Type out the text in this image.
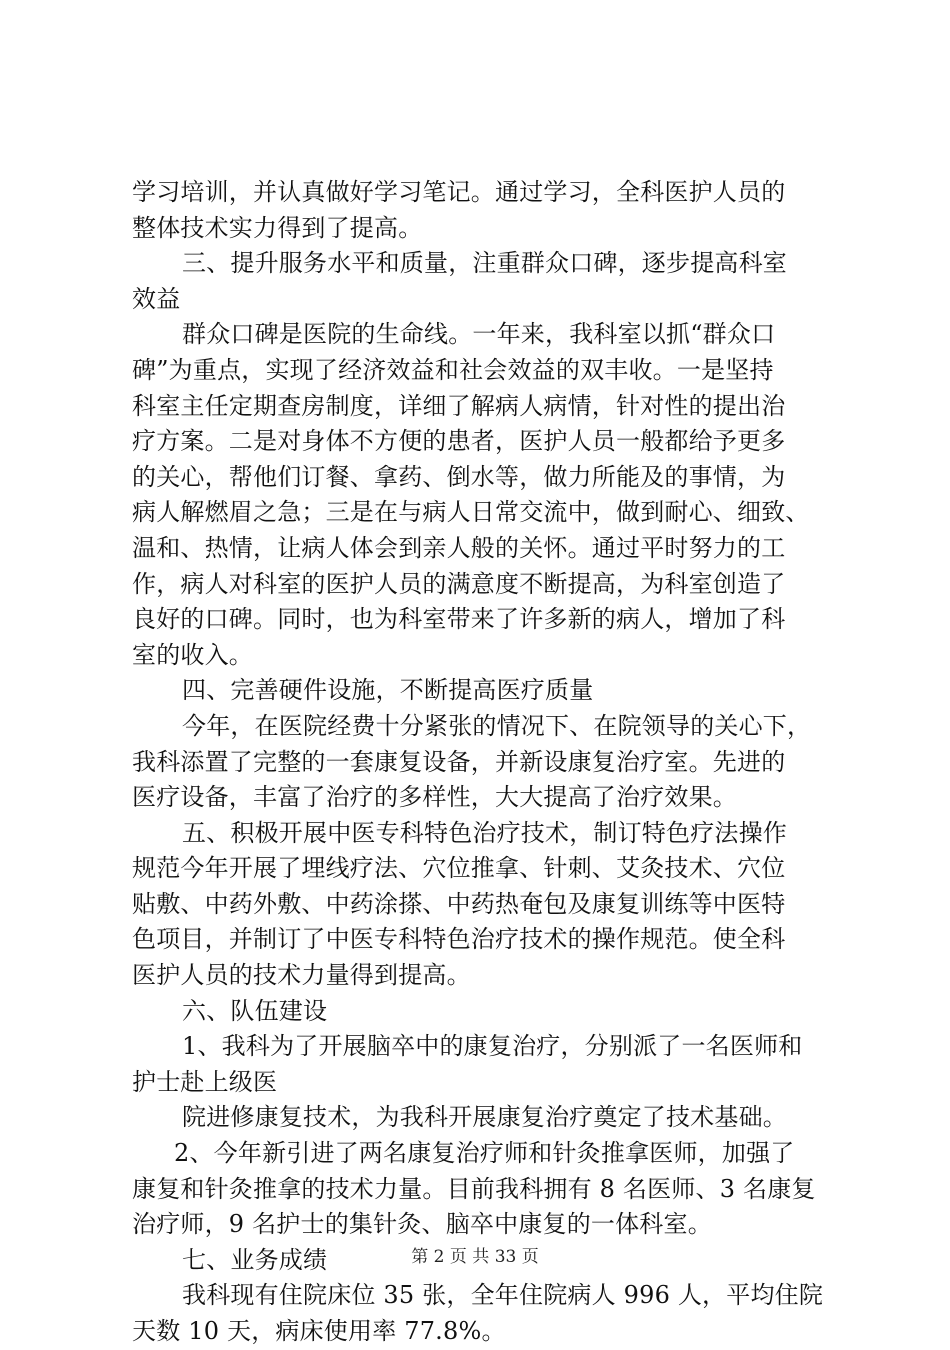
学习培训，并认真做好学习笔记。通过学习，全科医护人员的
整体技术实力得到了提高。
三、提升服务水平和质量，注重群众口碑，逐步提高科室
效益
群众口碑是医院的生命线。一年来，我科室以抓“群众口
碑”为重点，实现了经济效益和社会效益的双丰收。一是坚持
科室主任定期查房制度，详细了解病人病情，针对性的提出治
疗方案。二是对身体不方便的患者，医护人员一般都给予更多
的关心，帮他们订餐、拿药、倒水等，做力所能及的事情，为
病人解燃眉之急；三是在与病人日常交流中，做到耐心、细致、
温和、热情，让病人体会到亲人般的关怀。通过平时努力的工
作，病人对科室的医护人员的满意度不断提高，为科室创造了
良好的口碑。同时，也为科室带来了许多新的病人，增加了科
室的收入。
四、完善硬件设施，不断提高医疗质量
今年，在医院经费十分紧张的情况下、在院领导的关心下，
我科添置了完整的一套康复设备，并新设康复治疗室。先进的
医疗设备，丰富了治疗的多样性，大大提高了治疗效果。
五、积极开展中医专科特色治疗技术，制订特色疗法操作
规范今年开展了埋线疗法、穴位推拿、针刺、艾灸技术、穴位
贴敷、中药外敷、中药涂搽、中药热奄包及康复训练等中医特
色项目，并制订了中医专科特色治疗技术的操作规范。使全科
医护人员的技术力量得到提高。
六、队伍建设
1、我科为了开展脑卒中的康复治疗，分别派了一名医师和
护士赴上级医
院进修康复技术，为我科开展康复治疗奠定了技术基础。
2、今年新引进了两名康复治疗师和针灸推拿医师，加强了
康复和针灸推拿的技术力量。目前我科拥有 8 名医师、3 名康复
治疗师，9 名护士的集针灸、脑卒中康复的一体科室。
七、业务成绩
我科现有住院床位 35 张，全年住院病人 996 人，平均住院
天数 10 天，病床使用率 77.8%。
第 2 页 共 33 页
